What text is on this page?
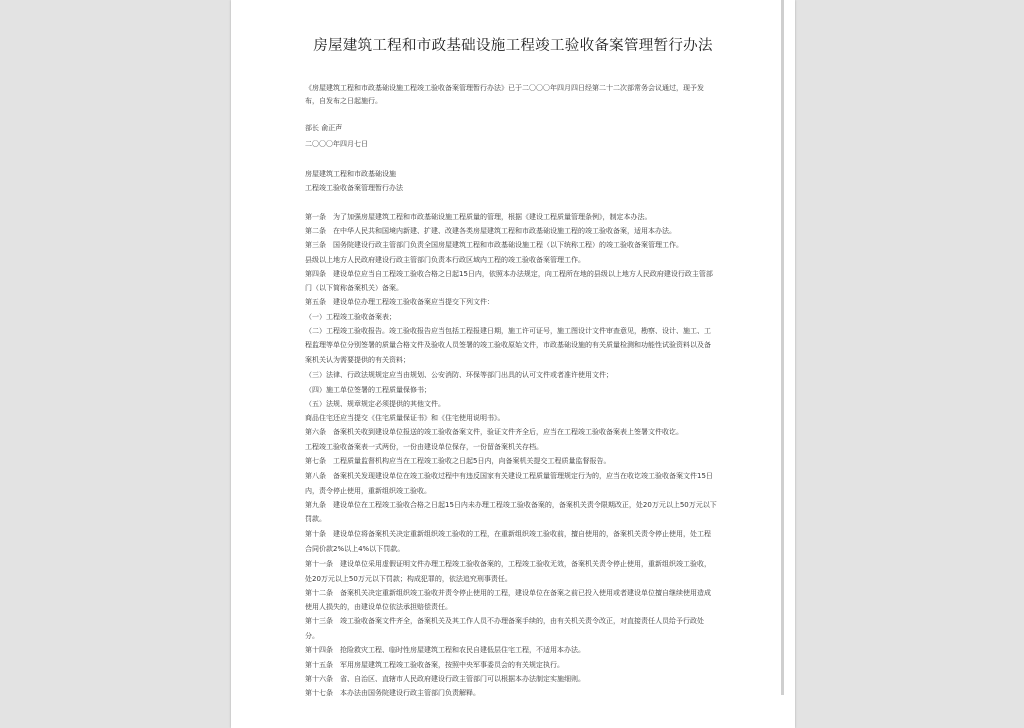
房屋建筑工程和市政基础设施工程竣工验收备案管理暂行办法
《房屋建筑工程和市政基础设施工程竣工验收备案管理暂行办法》已于二〇〇〇年四月四日经第二十二次部常务会议通过，现予发
布，自发布之日起施行。
部长 俞正声
二〇〇〇年四月七日
房屋建筑工程和市政基础设施
工程竣工验收备案管理暂行办法
第一条　为了加强房屋建筑工程和市政基础设施工程质量的管理，根据《建设工程质量管理条例》，制定本办法。
第二条　在中华人民共和国境内新建、扩建、改建各类房屋建筑工程和市政基础设施工程的竣工验收备案，适用本办法。
第三条　国务院建设行政主管部门负责全国房屋建筑工程和市政基础设施工程（以下统称工程）的竣工验收备案管理工作。
县级以上地方人民政府建设行政主管部门负责本行政区域内工程的竣工验收备案管理工作。
第四条　建设单位应当自工程竣工验收合格之日起15日内，依照本办法规定，向工程所在地的县级以上地方人民政府建设行政主管部
门（以下简称备案机关）备案。
第五条　建设单位办理工程竣工验收备案应当提交下列文件：
（一）工程竣工验收备案表；
（二）工程竣工验收报告。竣工验收报告应当包括工程报建日期，施工许可证号，施工图设计文件审查意见，勘察、设计、施工、工
程监理等单位分别签署的质量合格文件及验收人员签署的竣工验收原始文件，市政基础设施的有关质量检测和功能性试验资料以及备
案机关认为需要提供的有关资料；
（三）法律、行政法规规定应当由规划、公安消防、环保等部门出具的认可文件或者准许使用文件；
（四）施工单位签署的工程质量保修书；
（五）法规、规章规定必须提供的其他文件。
商品住宅还应当提交《住宅质量保证书》和《住宅使用说明书》。
第六条　备案机关收到建设单位报送的竣工验收备案文件，验证文件齐全后，应当在工程竣工验收备案表上签署文件收讫。
工程竣工验收备案表一式两份，一份由建设单位保存，一份留备案机关存档。
第七条　工程质量监督机构应当在工程竣工验收之日起5日内，向备案机关提交工程质量监督报告。
第八条　备案机关发现建设单位在竣工验收过程中有违反国家有关建设工程质量管理规定行为的，应当在收讫竣工验收备案文件15日
内，责令停止使用，重新组织竣工验收。
第九条　建设单位在工程竣工验收合格之日起15日内未办理工程竣工验收备案的，备案机关责令限期改正，处20万元以上50万元以下
罚款。
第十条　建设单位将备案机关决定重新组织竣工验收的工程，在重新组织竣工验收前，擅自使用的，备案机关责令停止使用，处工程
合同价款2%以上4%以下罚款。
第十一条　建设单位采用虚假证明文件办理工程竣工验收备案的，工程竣工验收无效，备案机关责令停止使用，重新组织竣工验收，
处20万元以上50万元以下罚款；构成犯罪的，依法追究刑事责任。
第十二条　备案机关决定重新组织竣工验收并责令停止使用的工程，建设单位在备案之前已投入使用或者建设单位擅自继续使用造成
使用人损失的，由建设单位依法承担赔偿责任。
第十三条　竣工验收备案文件齐全，备案机关及其工作人员不办理备案手续的，由有关机关责令改正，对直接责任人员给予行政处
分。
第十四条　抢险救灾工程、临时性房屋建筑工程和农民自建低层住宅工程，不适用本办法。
第十五条　军用房屋建筑工程竣工验收备案，按照中央军事委员会的有关规定执行。
第十六条　省、自治区、直辖市人民政府建设行政主管部门可以根据本办法制定实施细则。
第十七条　本办法由国务院建设行政主管部门负责解释。
